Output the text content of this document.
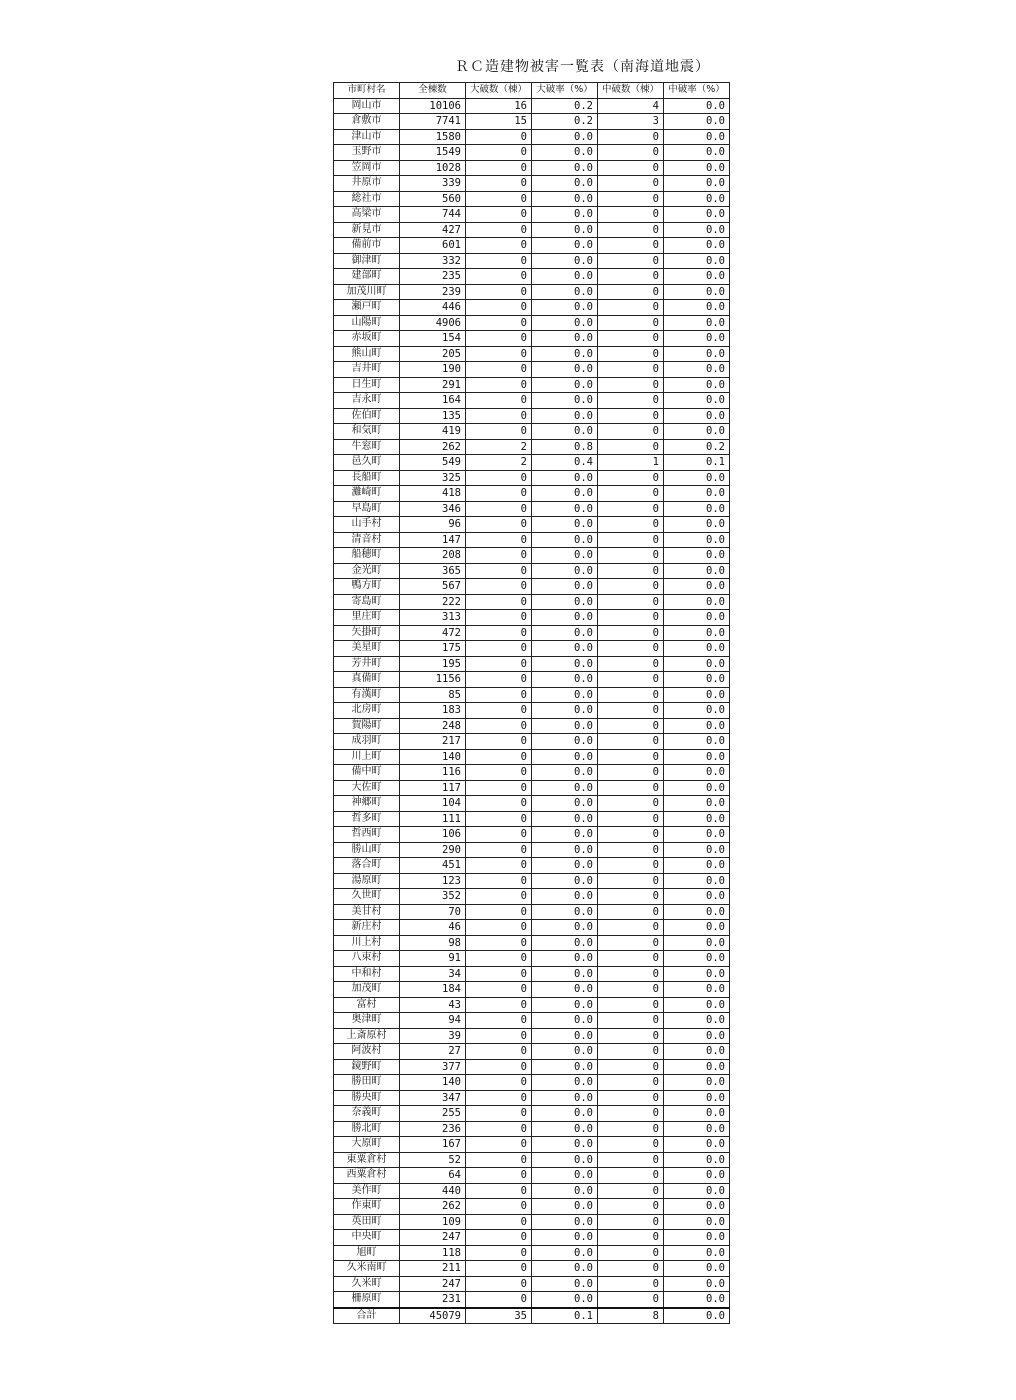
ＲＣ造建物被害一覧表（南海道地震）
市町村名	全棟数	大破数（棟）	大破率（%）	中破数（棟）	中破率（%）
岡山市	10106	16	0.2	4	0.0
倉敷市	7741	15	0.2	3	0.0
津山市	1580	0	0.0	0	0.0
玉野市	1549	0	0.0	0	0.0
笠岡市	1028	0	0.0	0	0.0
井原市	339	0	0.0	0	0.0
総社市	560	0	0.0	0	0.0
高梁市	744	0	0.0	0	0.0
新見市	427	0	0.0	0	0.0
備前市	601	0	0.0	0	0.0
御津町	332	0	0.0	0	0.0
建部町	235	0	0.0	0	0.0
加茂川町	239	0	0.0	0	0.0
瀬戸町	446	0	0.0	0	0.0
山陽町	4906	0	0.0	0	0.0
赤坂町	154	0	0.0	0	0.0
熊山町	205	0	0.0	0	0.0
吉井町	190	0	0.0	0	0.0
日生町	291	0	0.0	0	0.0
吉永町	164	0	0.0	0	0.0
佐伯町	135	0	0.0	0	0.0
和気町	419	0	0.0	0	0.0
牛窓町	262	2	0.8	0	0.2
邑久町	549	2	0.4	1	0.1
長船町	325	0	0.0	0	0.0
灘崎町	418	0	0.0	0	0.0
早島町	346	0	0.0	0	0.0
山手村	96	0	0.0	0	0.0
清音村	147	0	0.0	0	0.0
船穂町	208	0	0.0	0	0.0
金光町	365	0	0.0	0	0.0
鴨方町	567	0	0.0	0	0.0
寄島町	222	0	0.0	0	0.0
里庄町	313	0	0.0	0	0.0
矢掛町	472	0	0.0	0	0.0
美星町	175	0	0.0	0	0.0
芳井町	195	0	0.0	0	0.0
真備町	1156	0	0.0	0	0.0
有漢町	85	0	0.0	0	0.0
北房町	183	0	0.0	0	0.0
賀陽町	248	0	0.0	0	0.0
成羽町	217	0	0.0	0	0.0
川上町	140	0	0.0	0	0.0
備中町	116	0	0.0	0	0.0
大佐町	117	0	0.0	0	0.0
神郷町	104	0	0.0	0	0.0
哲多町	111	0	0.0	0	0.0
哲西町	106	0	0.0	0	0.0
勝山町	290	0	0.0	0	0.0
落合町	451	0	0.0	0	0.0
湯原町	123	0	0.0	0	0.0
久世町	352	0	0.0	0	0.0
美甘村	70	0	0.0	0	0.0
新庄村	46	0	0.0	0	0.0
川上村	98	0	0.0	0	0.0
八束村	91	0	0.0	0	0.0
中和村	34	0	0.0	0	0.0
加茂町	184	0	0.0	0	0.0
富村	43	0	0.0	0	0.0
奥津町	94	0	0.0	0	0.0
上斎原村	39	0	0.0	0	0.0
阿波村	27	0	0.0	0	0.0
鏡野町	377	0	0.0	0	0.0
勝田町	140	0	0.0	0	0.0
勝央町	347	0	0.0	0	0.0
奈義町	255	0	0.0	0	0.0
勝北町	236	0	0.0	0	0.0
大原町	167	0	0.0	0	0.0
東粟倉村	52	0	0.0	0	0.0
西粟倉村	64	0	0.0	0	0.0
美作町	440	0	0.0	0	0.0
作東町	262	0	0.0	0	0.0
英田町	109	0	0.0	0	0.0
中央町	247	0	0.0	0	0.0
旭町	118	0	0.0	0	0.0
久米南町	211	0	0.0	0	0.0
久米町	247	0	0.0	0	0.0
柵原町	231	0	0.0	0	0.0
合計	45079	35	0.1	8	0.0
